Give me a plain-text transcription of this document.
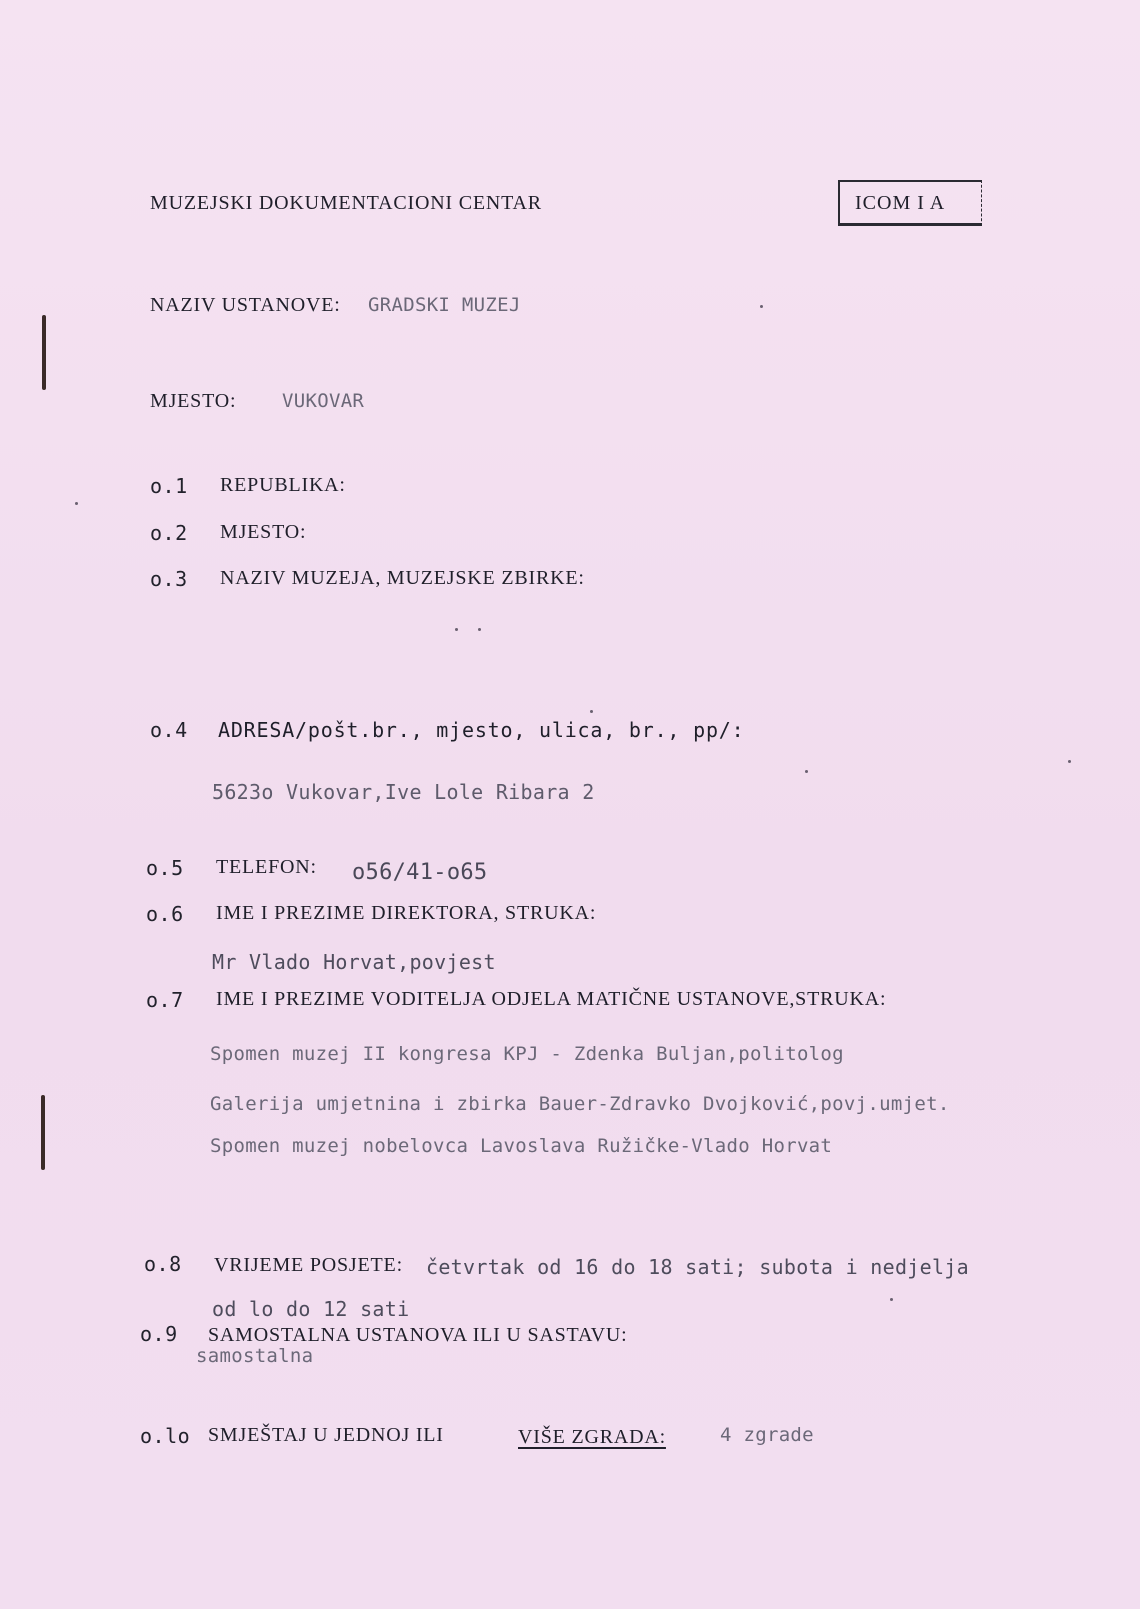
MUZEJSKI DOKUMENTACIONI CENTAR	ICOM I A
NAZIV USTANOVE: GRADSKI MUZEJ
MJESTO: VUKOVAR
o.1 REPUBLIKA:
o.2 MJESTO:
o.3 NAZIV MUZEJA, MUZEJSKE ZBIRKE:
o.4 ADRESA/pošt.br., mjesto, ulica, br., pp/:
5623o Vukovar,Ive Lole Ribara 2
o.5 TELEFON: o56/41-o65
o.6 IME I PREZIME DIREKTORA, STRUKA:
Mr Vlado Horvat,povjest
o.7 IME I PREZIME VODITELJA ODJELA MATIČNE USTANOVE,STRUKA:
Spomen muzej II kongresa KPJ - Zdenka Buljan,politolog
Galerija umjetnina i zbirka Bauer-Zdravko Dvojković,povj.umjet.
Spomen muzej nobelovca Lavoslava Ružičke-Vlado Horvat
o.8 VRIJEME POSJETE: četvrtak od 16 do 18 sati; subota i nedjelja
od lo do 12 sati
o.9 SAMOSTALNA USTANOVA ILI U SASTAVU:
samostalna
o.lo SMJEŠTAJ U JEDNOJ ILI	VIŠE ZGRADA:	4 zgrade
